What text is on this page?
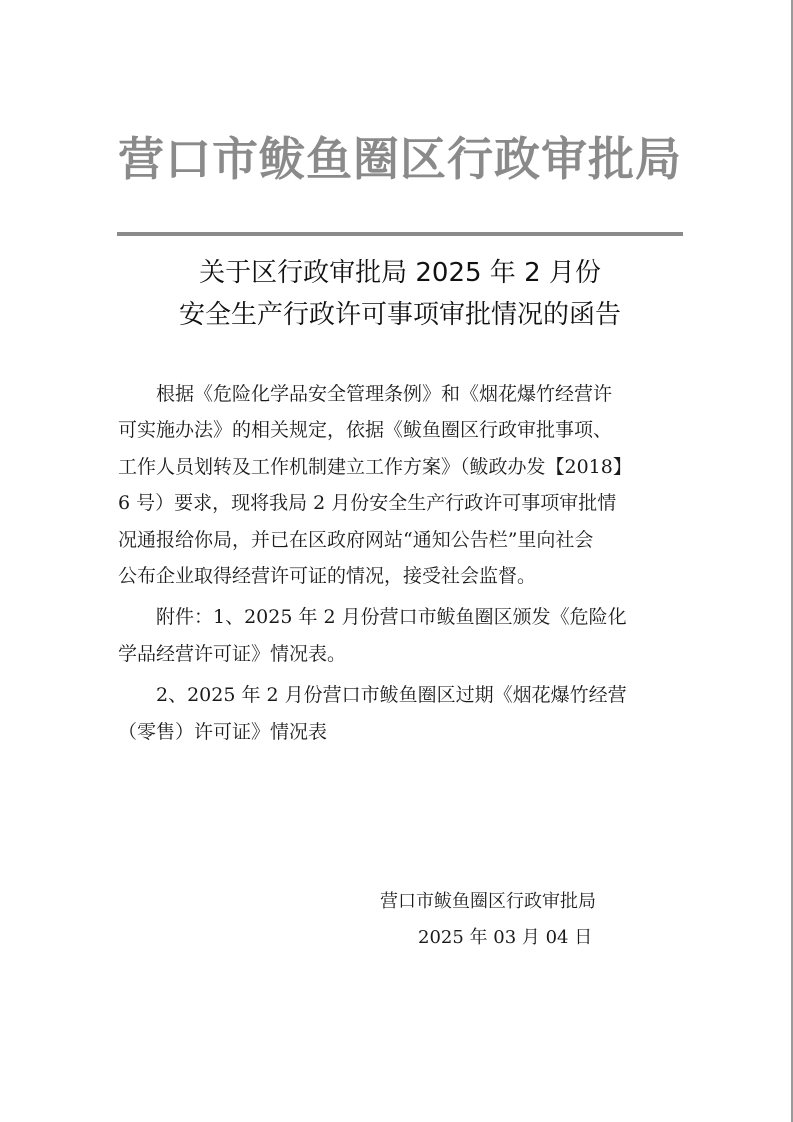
营口市鲅鱼圈区行政审批局
关于区行政审批局 2025 年 2 月份
安全生产行政许可事项审批情况的函告

根据《危险化学品安全管理条例》和《烟花爆竹经营许
可实施办法》的相关规定，依据《鲅鱼圈区行政审批事项、
工作人员划转及工作机制建立工作方案》（鲅政办发【2018】
6 号）要求，现将我局 2 月份安全生产行政许可事项审批情
况通报给你局，并已在区政府网站“通知公告栏”里向社会
公布企业取得经营许可证的情况，接受社会监督。

附件：1、2025 年 2 月份营口市鲅鱼圈区颁发《危险化
学品经营许可证》情况表。

2、2025 年 2 月份营口市鲅鱼圈区过期《烟花爆竹经营
（零售）许可证》情况表

营口市鲅鱼圈区行政审批局
2025 年 03 月 04 日
